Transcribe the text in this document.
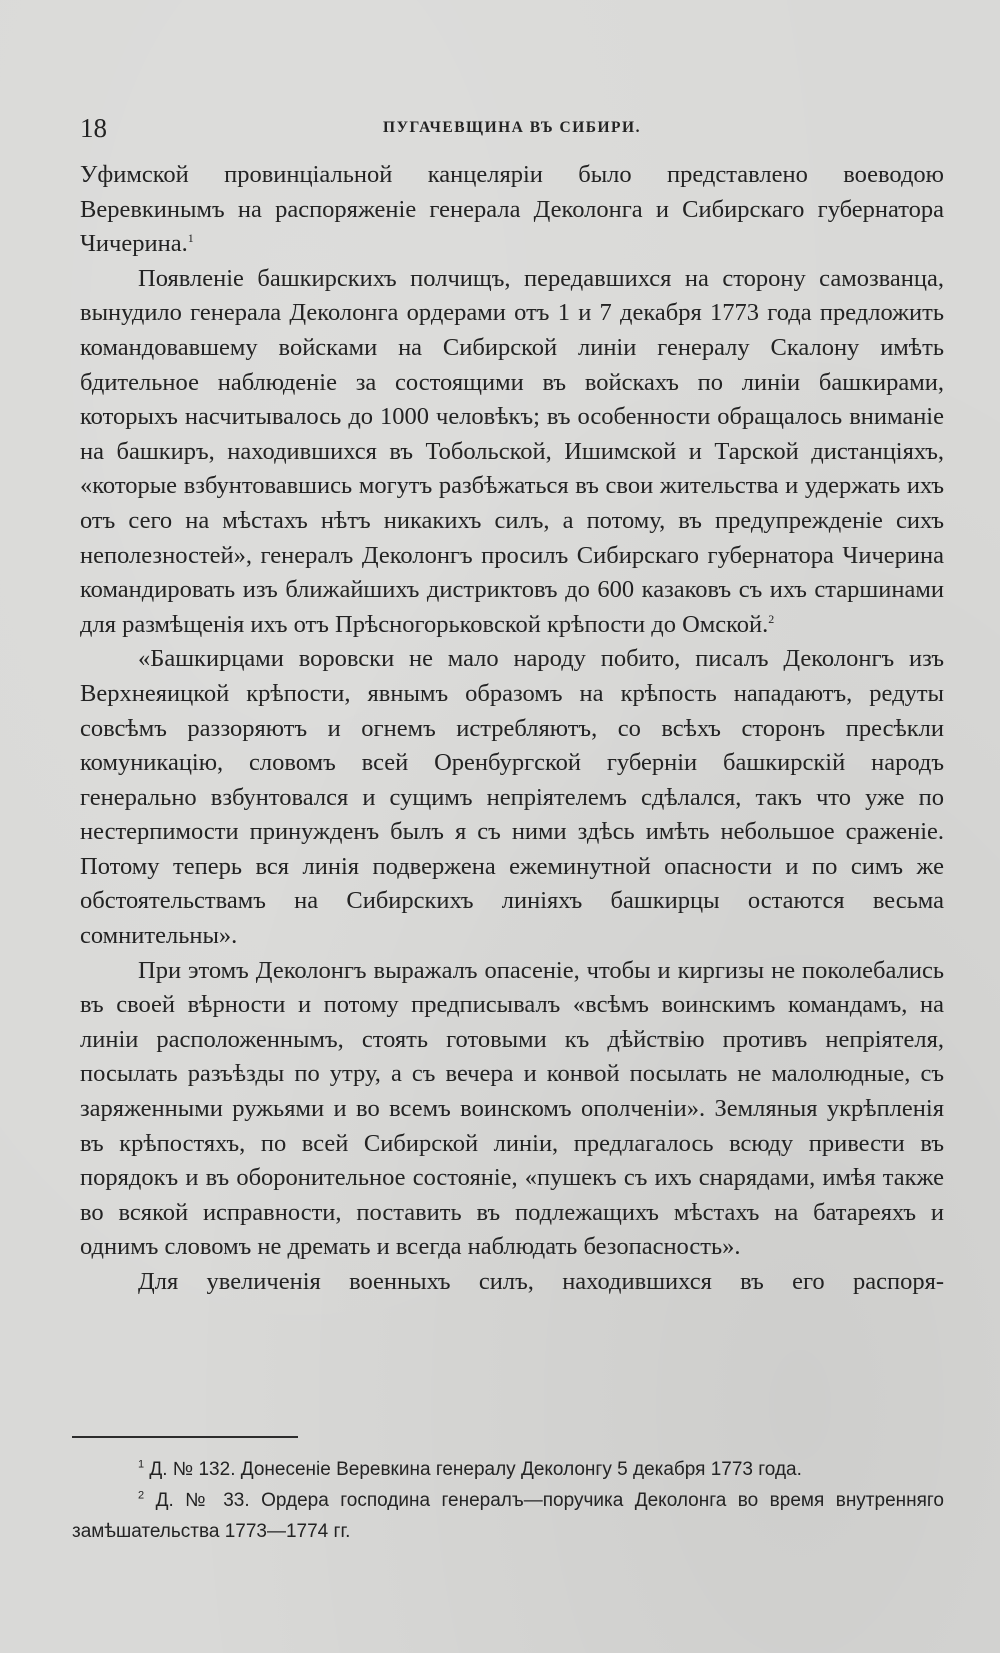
18	ПУГАЧЕВЩИНА ВЪ СИБИРИ.

Уфимской провинціальной канцеляріи было представлено воеводою Веревкинымъ на распоряженіе генерала Деколонга и Сибирскаго губернатора Чичерина.$^1$

Появленіе башкирскихъ полчищъ, передавшихся на сторону самозванца, вынудило генерала Деколонга ордерами отъ 1 и 7 декабря 1773 года предложить командовавшему войсками на Сибирской линіи генералу Скалону имѣть бдительное наблюденіе за состоящими въ войскахъ по линіи башкирами, которыхъ насчитывалось до 1000 человѣкъ; въ особенности обращалось вниманіе на башкиръ, находившихся въ Тобольской, Ишимской и Тарской дистанціяхъ, «которые взбунтовавшись могутъ разбѣжаться въ свои жительства и удержать ихъ отъ сего на мѣстахъ нѣтъ никакихъ силъ, а потому, въ предупрежденіе сихъ неполезностей», генералъ Деколонгъ просилъ Сибирскаго губернатора Чичерина командировать изъ ближайшихъ дистриктовъ до 600 казаковъ съ ихъ старшинами для размѣщенія ихъ отъ Прѣсногорьковской крѣпости до Омской.$^2$

«Башкирцами воровски не мало народу побито, писалъ Деколонгъ изъ Верхнеяицкой крѣпости, явнымъ образомъ на крѣпость нападаютъ, редуты совсѣмъ раззоряютъ и огнемъ истребляютъ, со всѣхъ сторонъ пресѣкли комуникацію, словомъ всей Оренбургской губерніи башкирскій народъ генерально взбунтовался и сущимъ непріятелемъ сдѣлался, такъ что уже по нестерпимости принужденъ былъ я съ ними здѣсь имѣть небольшое сраженіе. Потому теперь вся линія подвержена ежеминутной опасности и по симъ же обстоятельствамъ на Сибирскихъ линіяхъ башкирцы остаются весьма сомнительны».

При этомъ Деколонгъ выражалъ опасеніе, чтобы и киргизы не поколебались въ своей вѣрности и потому предписывалъ «всѣмъ воинскимъ командамъ, на линіи расположеннымъ, стоять готовыми къ дѣйствію противъ непріятеля, посылать разъѣзды по утру, а съ вечера и конвой посылать не малолюдные, съ заряженными ружьями и во всемъ воинскомъ ополченіи». Земляныя укрѣпленія въ крѣпостяхъ, по всей Сибирской линіи, предлагалось всюду привести въ порядокъ и въ оборонительное состояніе, «пушекъ съ ихъ снарядами, имѣя также во всякой исправности, поставить въ подлежащихъ мѣстахъ на батареяхъ и однимъ словомъ не дремать и всегда наблюдать безопасность».

Для увеличенія военныхъ силъ, находившихся въ его распоря-

$^1$ Д. № 132. Донесеніе Веревкина генералу Деколонгу 5 декабря 1773 года.

$^2$ Д. № 33. Ордера господина генералъ—поручика Деколонга во время внутренняго замѣшательства 1773—1774 гг.
